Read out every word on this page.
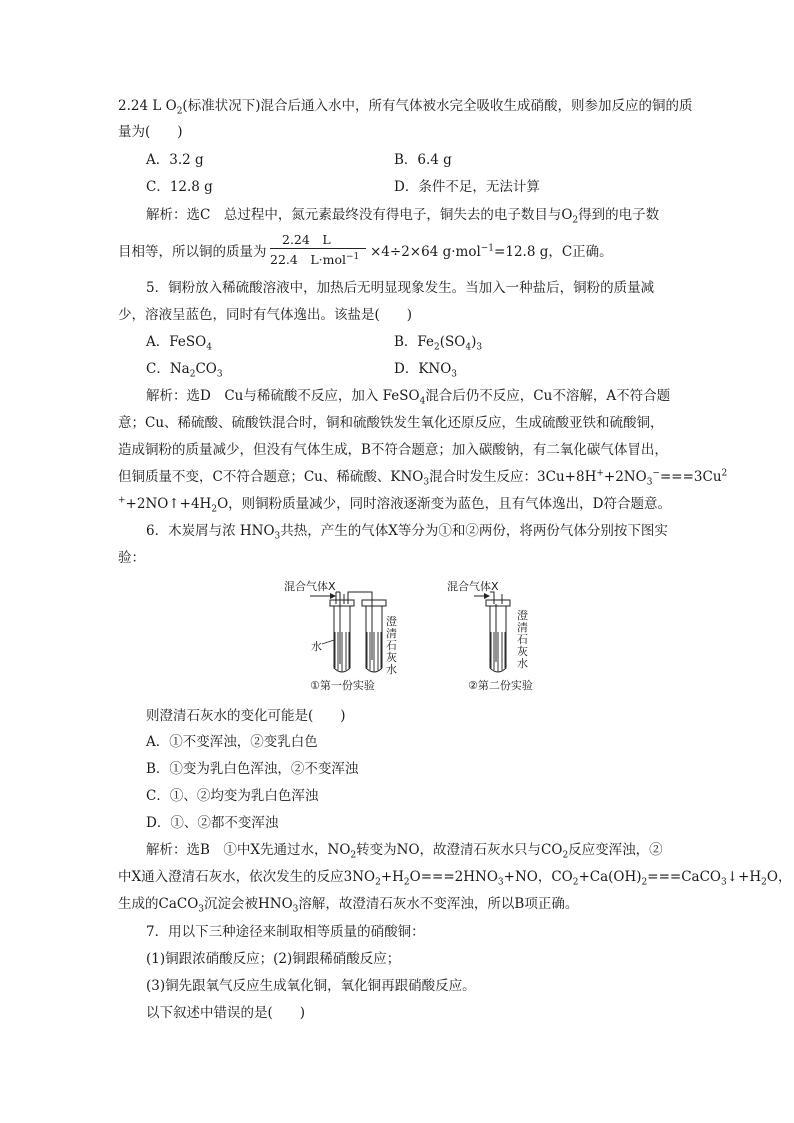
2.24 L $O_2$(标准状况下)混合后通入水中，所有气体被水完全吸收生成硝酸，则参加反应的铜的质
量为(　　)
A．3.2 g	B．6.4 g
C．12.8 g	D．条件不足，无法计算
解析：选C　总过程中，氮元素最终没有得电子，铜失去的电子数目与$O_2$得到的电子数
目相等，所以铜的质量为
2.24　L
22.4　L·mol$^{-1}$ ×4÷2×64 g·mol$^{-1}$=12.8 g，C正确。
5．铜粉放入稀硫酸溶液中，加热后无明显现象发生。当加入一种盐后，铜粉的质量减
少，溶液呈蓝色，同时有气体逸出。该盐是(　　)
A．FeSO$_4$	B．$Fe_2(SO_4)_3$
C．$Na_2CO_3$	D．$KNO_3$
解析：选D　Cu与稀硫酸不反应，加入 FeSO$_4$混合后仍不反应，Cu不溶解，A不符合题
意；Cu、稀硫酸、硫酸铁混合时，铜和硫酸铁发生氧化还原反应，生成硫酸亚铁和硫酸铜，
造成铜粉的质量减少，但没有气体生成，B不符合题意；加入碳酸钠，有二氧化碳气体冒出，
但铜质量不变，C不符合题意；Cu、稀硫酸、$KNO_3$混合时发生反应：$3Cu+8H^++2NO_3^-===3Cu^2$
$^++2NO↑+4H_2O$，则铜粉质量减少，同时溶液逐渐变为蓝色，且有气体逸出，D符合题意。
6．木炭屑与浓 $HNO_3$共热，产生的气体X等分为①和②两份，将两份气体分别按下图实
验：
混合气体X
水
澄清石灰水
①第一份实验
混合气体X
澄清石灰水
②第二份实验
则澄清石灰水的变化可能是(　　)
A．①不变浑浊，②变乳白色
B．①变为乳白色浑浊，②不变浑浊
C．①、②均变为乳白色浑浊
D．①、②都不变浑浊
解析：选B　①中X先通过水，$NO_2$转变为NO，故澄清石灰水只与$CO_2$反应变浑浊，②
中X通入澄清石灰水，依次发生的反应$3NO_2+H_2O===2HNO_3+NO$，$CO_2+Ca(OH)_2===CaCO_3↓+H_2O$，
生成的CaCO$_3$沉淀会被$HNO_3$溶解，故澄清石灰水不变浑浊，所以B项正确。
7．用以下三种途径来制取相等质量的硝酸铜：
(1)铜跟浓硝酸反应；(2)铜跟稀硝酸反应；
(3)铜先跟氧气反应生成氧化铜，氧化铜再跟硝酸反应。
以下叙述中错误的是(　　)
